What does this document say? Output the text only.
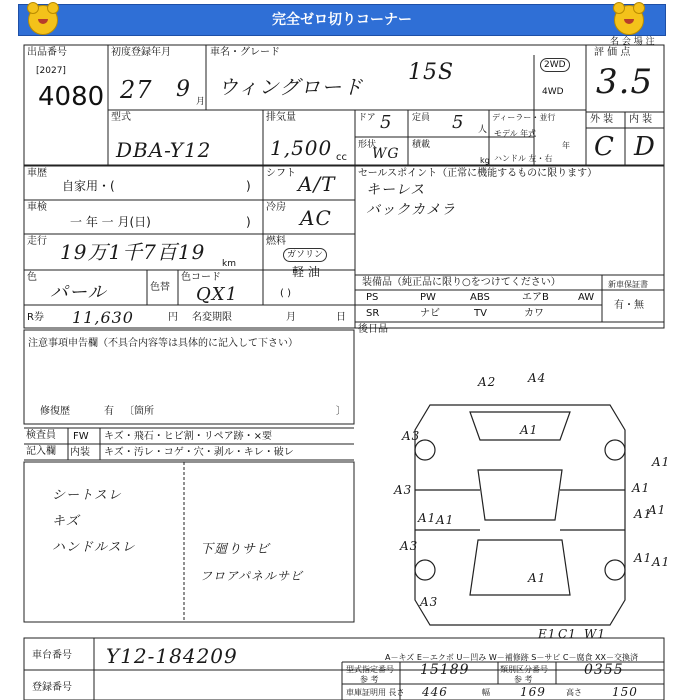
完全ゼロ切りコーナー
名 会 場 注
出品番号
[2027]
4080
初度登録年月
27 9 月
車名・グレード
ウィングロード
15S	2WD
4WD
評 価 点
3.5
外 装 内 装
C D
型式
DBA-Y12
排気量
1,500 cc
ドア 5 定員 5 人
ディーラー・並行
形状
WG
積載
kg
モデル 年式
年
ハンドル 左・右
車歴
自家用・(	)
シフト A/T セールスポイント（正常に機能するものに限ります）
キーレス
バックカメラ
車検
一 年 一 月(日)	)
冷房 AC
走行 19万1千7百19 km
燃料
ガソリン
軽 油
( )
色
パール	色替
色コード
QX1
装備品（純正品に限り○をつけてください）
PS	PW	ABS	エアB	AW
SR	ナビ	TV	カワ
新車保証書
有・無
R券 11,630	円 名変期限	月	日
後日品
注意事項申告欄（不具合内容等は具体的に記入して下さい）
修復歴	有 〔箇所	〕
検査員
記入欄
FW
内装
キズ・飛石・ヒビ割・リペア跡・×要
キズ・汚レ・コゲ・穴・剥ル・キレ・破レ
シートスレ
キズ
ハンドルスレ	下廻りサビ
フロアパネルサビ
A2	A4
A1
A3
A3
A1
A3
A1
A1
A3
A1
A1
A1
A1
A1
E1 C1 W1
A1
A－キズ E－エクボ U－凹み W－補修跡 S－サビ C－腐食 XX－交換済
車台番号 Y12-184209
登録番号
型式指定番号
参 考
15189	類別区分番号
参 考
0355
車庫証明用 長さ 446	幅	169	高さ	150
